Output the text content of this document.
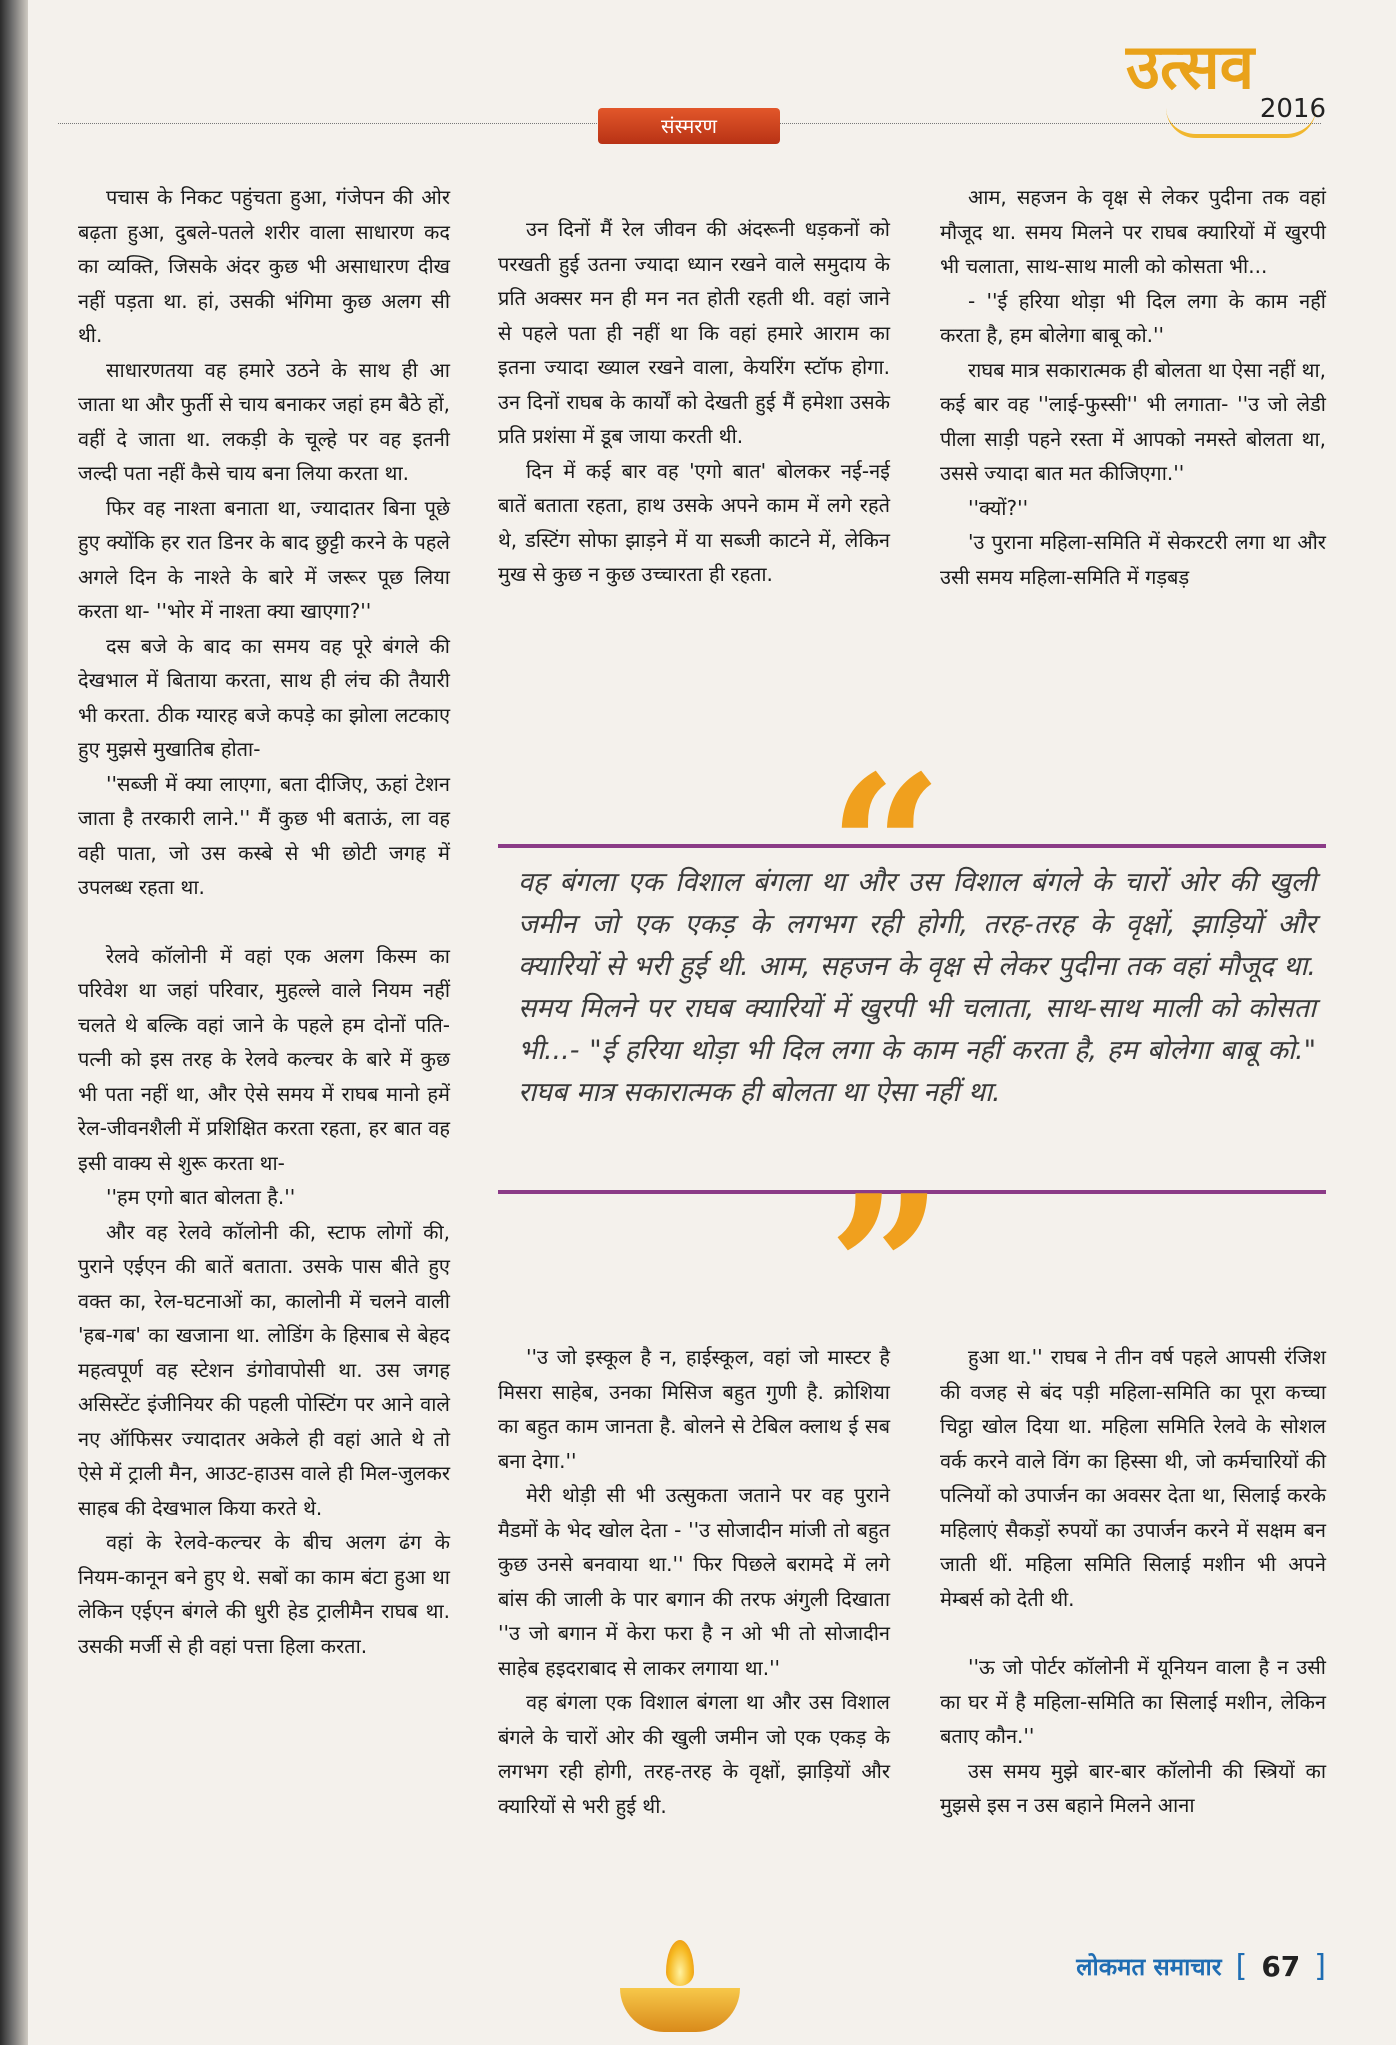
उत्सव
2016
संस्मरण

पचास के निकट पहुंचता हुआ, गंजेपन की ओर बढ़ता हुआ, दुबले-पतले शरीर वाला साधारण कद का व्यक्ति, जिसके अंदर कुछ भी असाधारण दीख नहीं पड़ता था. हां, उसकी भंगिमा कुछ अलग सी थी.

साधारणतया वह हमारे उठने के साथ ही आ जाता था और फुर्ती से चाय बनाकर जहां हम बैठे हों, वहीं दे जाता था. लकड़ी के चूल्हे पर वह इतनी जल्दी पता नहीं कैसे चाय बना लिया करता था.

फिर वह नाश्ता बनाता था, ज्यादातर बिना पूछे हुए क्योंकि हर रात डिनर के बाद छुट्टी करने के पहले अगले दिन के नाश्ते के बारे में जरूर पूछ लिया करता था- ''भोर में नाश्ता क्या खाएगा?''

दस बजे के बाद का समय वह पूरे बंगले की देखभाल में बिताया करता, साथ ही लंच की तैयारी भी करता. ठीक ग्यारह बजे कपड़े का झोला लटकाए हुए मुझसे मुखातिब होता-

''सब्जी में क्या लाएगा, बता दीजिए, ऊहां टेशन जाता है तरकारी लाने.'' मैं कुछ भी बताऊं, ला वह वही पाता, जो उस कस्बे से भी छोटी जगह में उपलब्ध रहता था.

रेलवे कॉलोनी में वहां एक अलग किस्म का परिवेश था जहां परिवार, मुहल्ले वाले नियम नहीं चलते थे बल्कि वहां जाने के पहले हम दोनों पति-पत्नी को इस तरह के रेलवे कल्चर के बारे में कुछ भी पता नहीं था, और ऐसे समय में राघब मानो हमें रेल-जीवनशैली में प्रशिक्षित करता रहता, हर बात वह इसी वाक्य से शुरू करता था-

''हम एगो बात बोलता है.''

और वह रेलवे कॉलोनी की, स्टाफ लोगों की, पुराने एईएन की बातें बताता. उसके पास बीते हुए वक्त का, रेल-घटनाओं का, कालोनी में चलने वाली 'हब-गब' का खजाना था. लोडिंग के हिसाब से बेहद महत्वपूर्ण वह स्टेशन डंगोवापोसी था. उस जगह असिस्टेंट इंजीनियर की पहली पोस्टिंग पर आने वाले नए ऑफिसर ज्यादातर अकेले ही वहां आते थे तो ऐसे में ट्राली मैन, आउट-हाउस वाले ही मिल-जुलकर साहब की देखभाल किया करते थे.

वहां के रेलवे-कल्चर के बीच अलग ढंग के नियम-कानून बने हुए थे. सबों का काम बंटा हुआ था लेकिन एईएन बंगले की धुरी हेड ट्रालीमैन राघब था. उसकी मर्जी से ही वहां पत्ता हिला करता.

उन दिनों मैं रेल जीवन की अंदरूनी धड़कनों को परखती हुई उतना ज्यादा ध्यान रखने वाले समुदाय के प्रति अक्सर मन ही मन नत होती रहती थी. वहां जाने से पहले पता ही नहीं था कि वहां हमारे आराम का इतना ज्यादा ख्याल रखने वाला, केयरिंग स्टॉफ होगा. उन दिनों राघब के कार्यों को देखती हुई मैं हमेशा उसके प्रति प्रशंसा में डूब जाया करती थी.

दिन में कई बार वह 'एगो बात' बोलकर नई-नई बातें बताता रहता, हाथ उसके अपने काम में लगे रहते थे, डस्टिंग सोफा झाड़ने में या सब्जी काटने में, लेकिन मुख से कुछ न कुछ उच्चारता ही रहता.

आम, सहजन के वृक्ष से लेकर पुदीना तक वहां मौजूद था. समय मिलने पर राघब क्यारियों में खुरपी भी चलाता, साथ-साथ माली को कोसता भी...

- ''ई हरिया थोड़ा भी दिल लगा के काम नहीं करता है, हम बोलेगा बाबू को.''

राघब मात्र सकारात्मक ही बोलता था ऐसा नहीं था, कई बार वह ''लाई-फुस्सी'' भी लगाता- ''उ जो लेडी पीला साड़ी पहने रस्ता में आपको नमस्ते बोलता था, उससे ज्यादा बात मत कीजिएगा.''

''क्यों?''

'उ पुराना महिला-समिति में सेकरटरी लगा था और उसी समय महिला-समिति में गड़बड़

“
वह बंगला एक विशाल बंगला था और उस विशाल बंगले के चारों ओर की खुली जमीन जो एक एकड़ के लगभग रही होगी, तरह-तरह के वृक्षों, झाड़ियों और क्यारियों से भरी हुई थी. आम, सहजन के वृक्ष से लेकर पुदीना तक वहां मौजूद था. समय मिलने पर राघब क्यारियों में खुरपी भी चलाता, साथ-साथ माली को कोसता भी...- "ई हरिया थोड़ा भी दिल लगा के काम नहीं करता है, हम बोलेगा बाबू को." राघब मात्र सकारात्मक ही बोलता था ऐसा नहीं था.
”

''उ जो इस्कूल है न, हाईस्कूल, वहां जो मास्टर है मिसरा साहेब, उनका मिसिज बहुत गुणी है. क्रोशिया का बहुत काम जानता है. बोलने से टेबिल क्लाथ ई सब बना देगा.''

मेरी थोड़ी सी भी उत्सुकता जताने पर वह पुराने मैडमों के भेद खोल देता - ''उ सोजादीन मांजी तो बहुत कुछ उनसे बनवाया था.'' फिर पिछले बरामदे में लगे बांस की जाली के पार बगान की तरफ अंगुली दिखाता ''उ जो बगान में केरा फरा है न ओ भी तो सोजादीन साहेब हइदराबाद से लाकर लगाया था.''

वह बंगला एक विशाल बंगला था और उस विशाल बंगले के चारों ओर की खुली जमीन जो एक एकड़ के लगभग रही होगी, तरह-तरह के वृक्षों, झाड़ियों और क्यारियों से भरी हुई थी.

हुआ था.'' राघब ने तीन वर्ष पहले आपसी रंजिश की वजह से बंद पड़ी महिला-समिति का पूरा कच्चा चिट्ठा खोल दिया था. महिला समिति रेलवे के सोशल वर्क करने वाले विंग का हिस्सा थी, जो कर्मचारियों की पत्नियों को उपार्जन का अवसर देता था, सिलाई करके महिलाएं सैकड़ों रुपयों का उपार्जन करने में सक्षम बन जाती थीं. महिला समिति सिलाई मशीन भी अपने मेम्बर्स को देती थी.

''ऊ जो पोर्टर कॉलोनी में यूनियन वाला है न उसी का घर में है महिला-समिति का सिलाई मशीन, लेकिन बताए कौन.''

उस समय मुझे बार-बार कॉलोनी की स्त्रियों का मुझसे इस न उस बहाने मिलने आना

लोकमत समाचार [ 67 ]
